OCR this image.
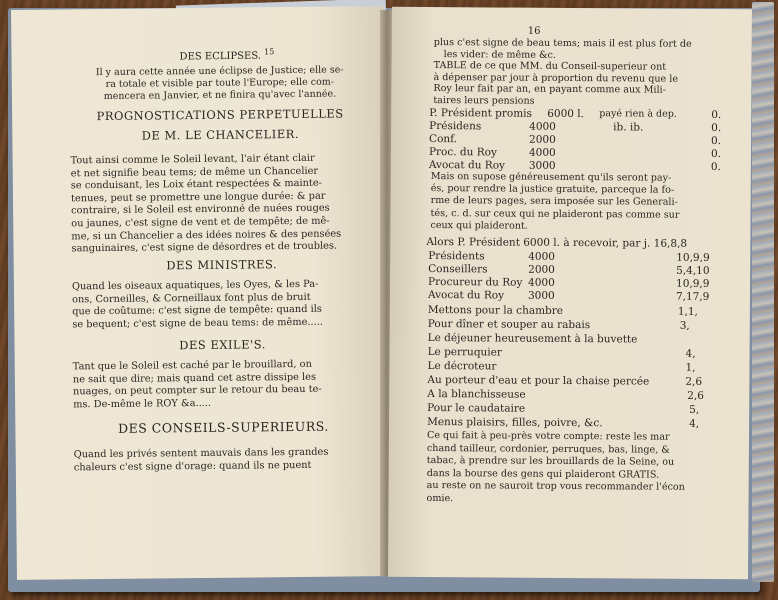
DES ECLIPSES. $^{15}$
Il y aura cette année une éclipse de Justice; elle se-
ra totale et visible par toute l'Europe; elle com-
mencera en Janvier, et ne finira qu'avec l'année.
PROGNOSTICATIONS PERPETUELLES
DE M. LE CHANCELIER.
Tout ainsi comme le Soleil levant, l'air étant clair
et net signifie beau tems; de même un Chancelier
se conduisant, les Loix étant respectées & mainte-
tenues, peut se promettre une longue durée: & par
contraire, si le Soleil est environné de nuées rouges
ou jaunes, c'est signe de vent et de tempête; de mê-
me, si un Chancelier a des idées noires & des pensées
sanguinaires, c'est signe de désordres et de troubles.
DES MINISTRES.
Quand les oiseaux aquatiques, les Oyes, & les Pa-
ons, Corneilles, & Corneillaux font plus de bruit
que de coûtume: c'est signe de tempête: quand ils
se bequent; c'est signe de beau tems: de même.....
DES EXILE'S.
Tant que le Soleil est caché par le brouillard, on
ne sait que dire; mais quand cet astre dissipe les
nuages, on peut compter sur le retour du beau te-
ms. De-même le ROY &a.....
DES CONSEILS-SUPERIEURS.
Quand les privés sentent mauvais dans les grandes
chaleurs c'est signe d'orage: quand ils ne puent
16
plus c'est signe de beau tems; mais il est plus fort de
les vider: de même &c.
TABLE de ce que MM. du Conseil-superieur ont
à dépenser par jour à proportion du revenu que le
Roy leur fait par an, en payant comme aux Mili-
taires leurs pensions
P. Président promis 6000 l. payé rien à dep.	0.
Présidens	4000	ib. ib.	0.
Conf.	2000	0.
Proc. du Roy	4000	0.
Avocat du Roy 3000	0.
Mais on supose généreusement qu'ils seront pay-
és, pour rendre la justice gratuite, parceque la fo-
rme de leurs pages, sera imposée sur les Generali-
tés, c. d. sur ceux qui ne plaideront pas comme sur
ceux qui plaideront.
Alors P. Président 6000 l. à recevoir, par j. 16,8,8
Présidents	4000	10,9,9
Conseillers	2000	5,4,10
Procureur du Roy 4000	10,9,9
Avocat du Roy 3000	7,17,9
Mettons pour la chambre	1,1,
Pour dîner et souper au rabais	3,
Le déjeuner heureusement à la buvette
Le perruquier	4,
Le décroteur	1,
Au porteur d'eau et pour la chaise percée	2,6
A la blanchisseuse	2,6
Pour le caudataire	5,
Menus plaisirs, filles, poivre, &c.	4,
Ce qui fait à peu-près votre compte: reste les mar
chand tailleur, cordonier, perruques, bas, linge, &
tabac, à prendre sur les brouillards de la Seine, ou
dans la bourse des gens qui plaideront GRATIS.
au reste on ne sauroit trop vous recommander l'écon
omie.
